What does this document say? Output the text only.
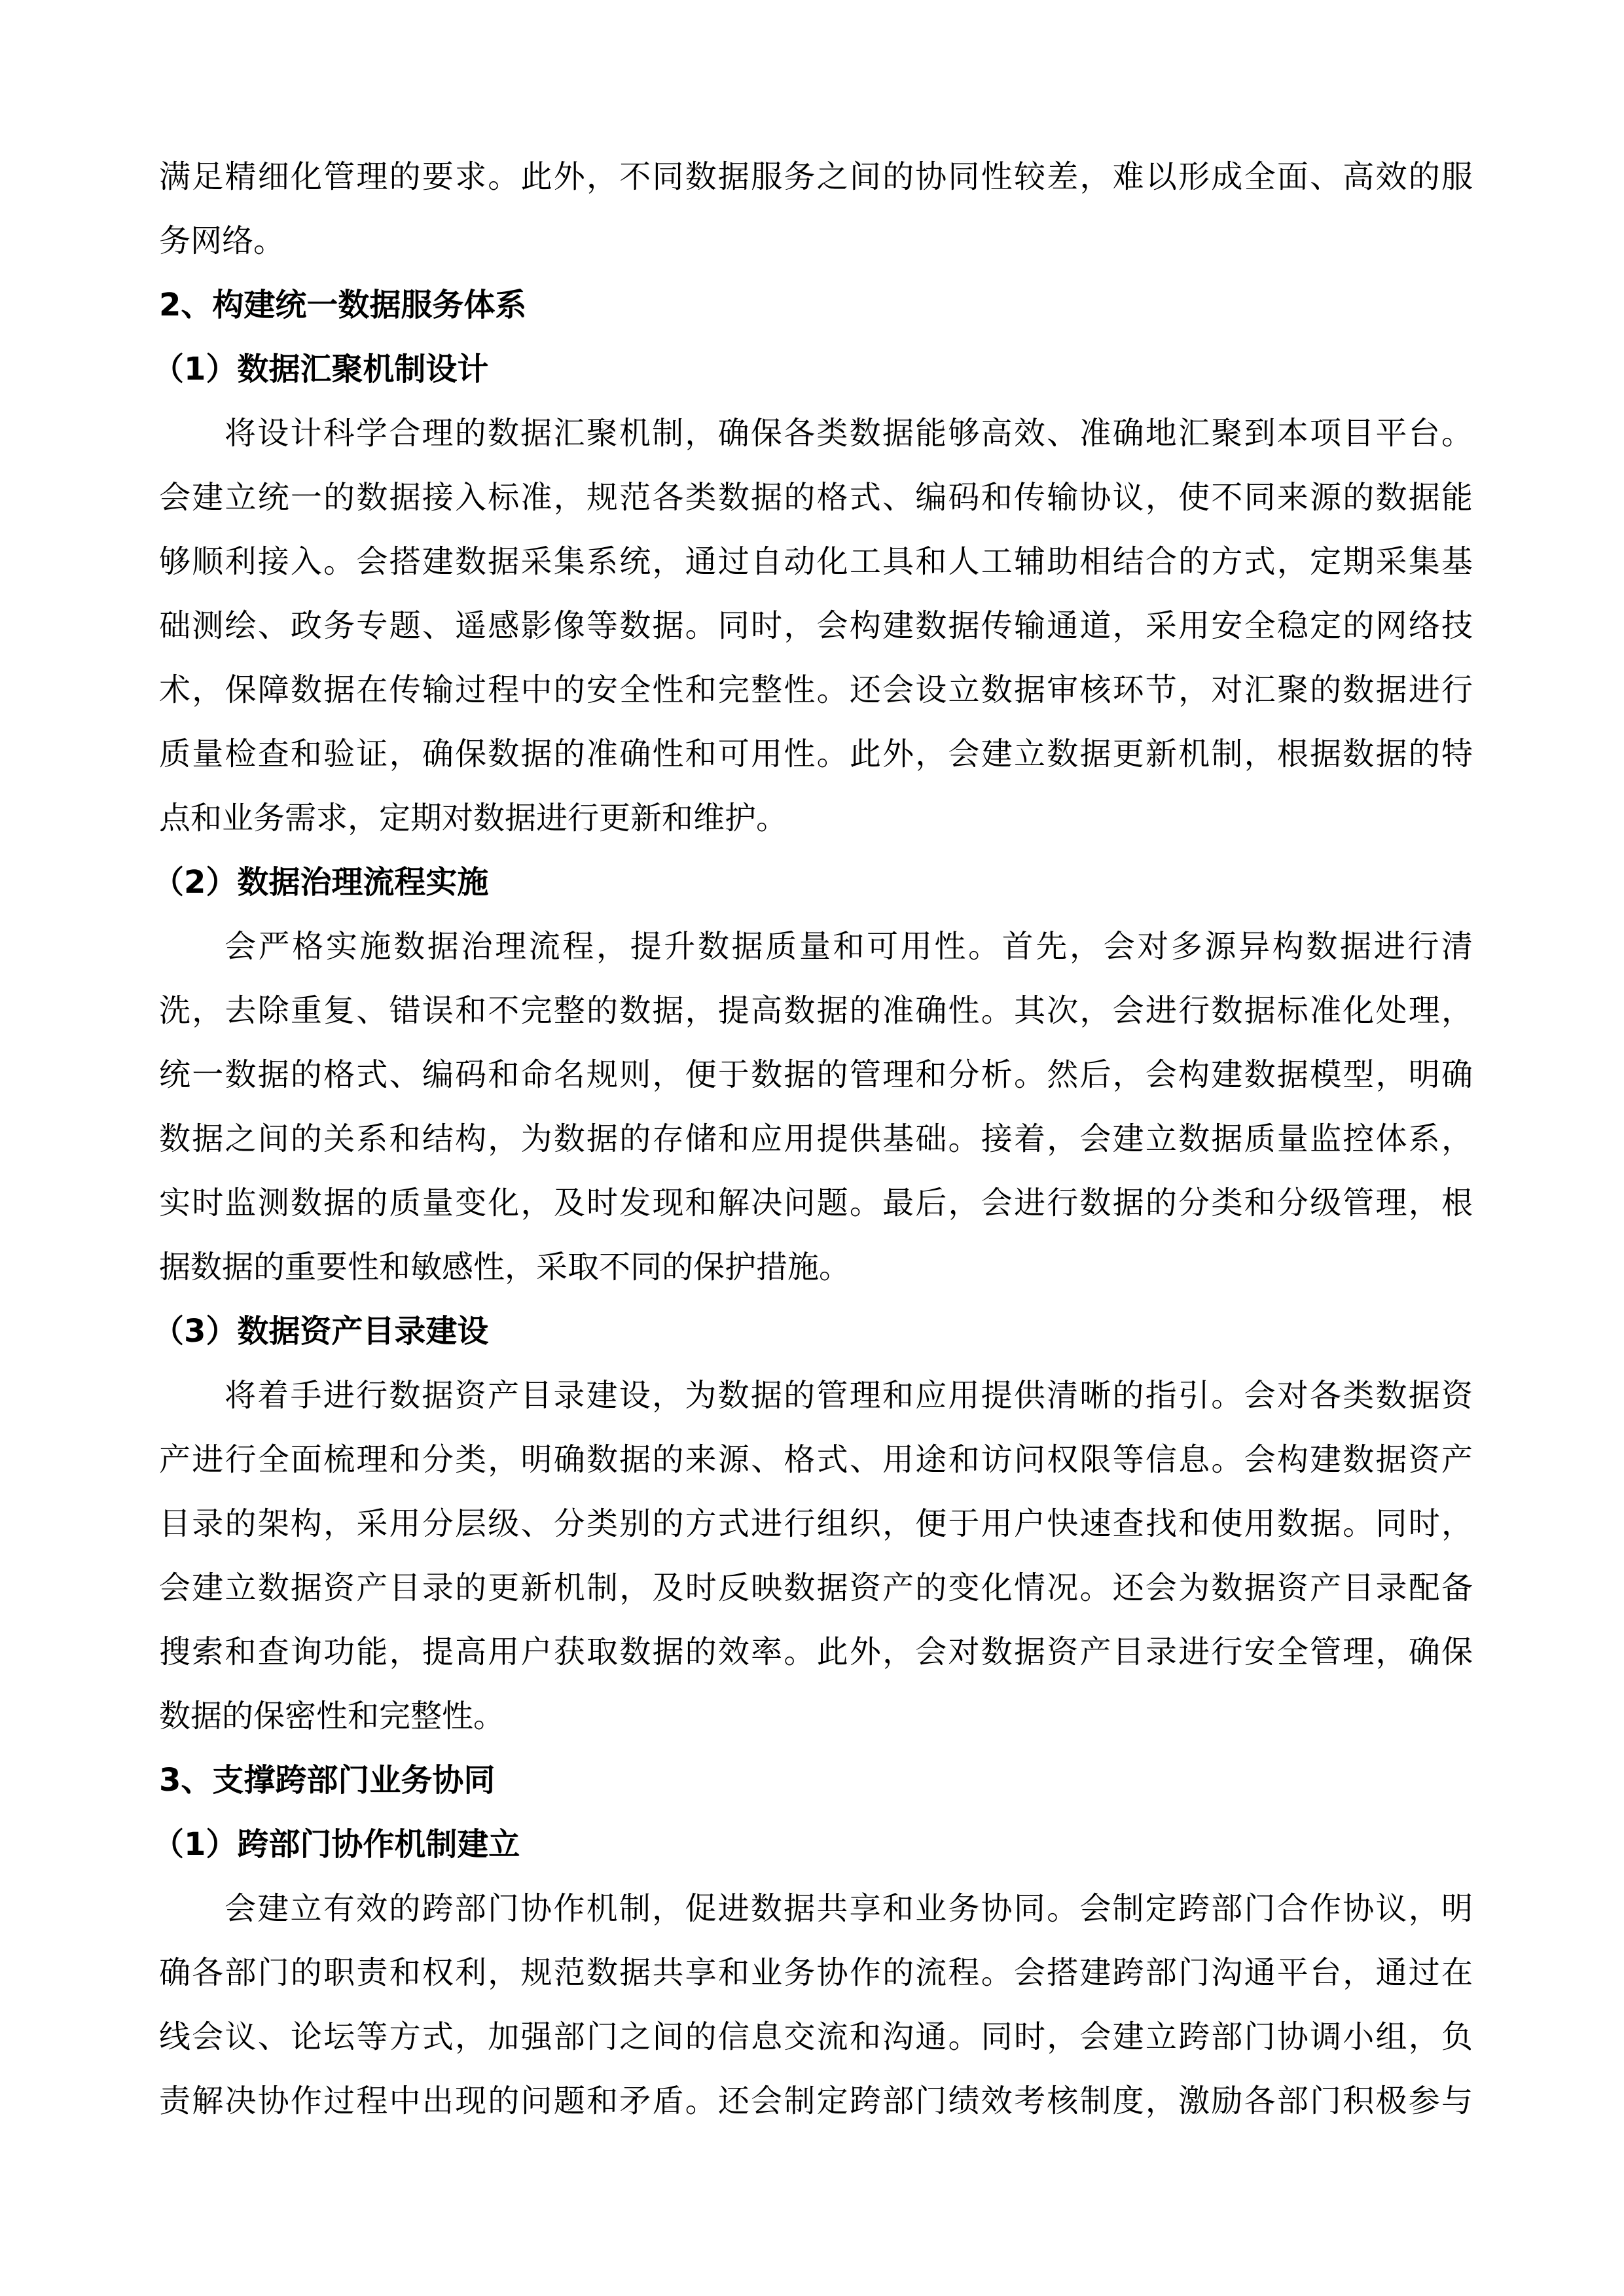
满足精细化管理的要求。此外，不同数据服务之间的协同性较差，难以形成全面、高效的服
务网络。
2、构建统一数据服务体系
（1）数据汇聚机制设计
将设计科学合理的数据汇聚机制，确保各类数据能够高效、准确地汇聚到本项目平台。
会建立统一的数据接入标准，规范各类数据的格式、编码和传输协议，使不同来源的数据能
够顺利接入。会搭建数据采集系统，通过自动化工具和人工辅助相结合的方式，定期采集基
础测绘、政务专题、遥感影像等数据。同时，会构建数据传输通道，采用安全稳定的网络技
术，保障数据在传输过程中的安全性和完整性。还会设立数据审核环节，对汇聚的数据进行
质量检查和验证，确保数据的准确性和可用性。此外，会建立数据更新机制，根据数据的特
点和业务需求，定期对数据进行更新和维护。
（2）数据治理流程实施
会严格实施数据治理流程，提升数据质量和可用性。首先，会对多源异构数据进行清
洗，去除重复、错误和不完整的数据，提高数据的准确性。其次，会进行数据标准化处理，
统一数据的格式、编码和命名规则，便于数据的管理和分析。然后，会构建数据模型，明确
数据之间的关系和结构，为数据的存储和应用提供基础。接着，会建立数据质量监控体系，
实时监测数据的质量变化，及时发现和解决问题。最后，会进行数据的分类和分级管理，根
据数据的重要性和敏感性，采取不同的保护措施。
（3）数据资产目录建设
将着手进行数据资产目录建设，为数据的管理和应用提供清晰的指引。会对各类数据资
产进行全面梳理和分类，明确数据的来源、格式、用途和访问权限等信息。会构建数据资产
目录的架构，采用分层级、分类别的方式进行组织，便于用户快速查找和使用数据。同时，
会建立数据资产目录的更新机制，及时反映数据资产的变化情况。还会为数据资产目录配备
搜索和查询功能，提高用户获取数据的效率。此外，会对数据资产目录进行安全管理，确保
数据的保密性和完整性。
3、支撑跨部门业务协同
（1）跨部门协作机制建立
会建立有效的跨部门协作机制，促进数据共享和业务协同。会制定跨部门合作协议，明
确各部门的职责和权利，规范数据共享和业务协作的流程。会搭建跨部门沟通平台，通过在
线会议、论坛等方式，加强部门之间的信息交流和沟通。同时，会建立跨部门协调小组，负
责解决协作过程中出现的问题和矛盾。还会制定跨部门绩效考核制度，激励各部门积极参与
